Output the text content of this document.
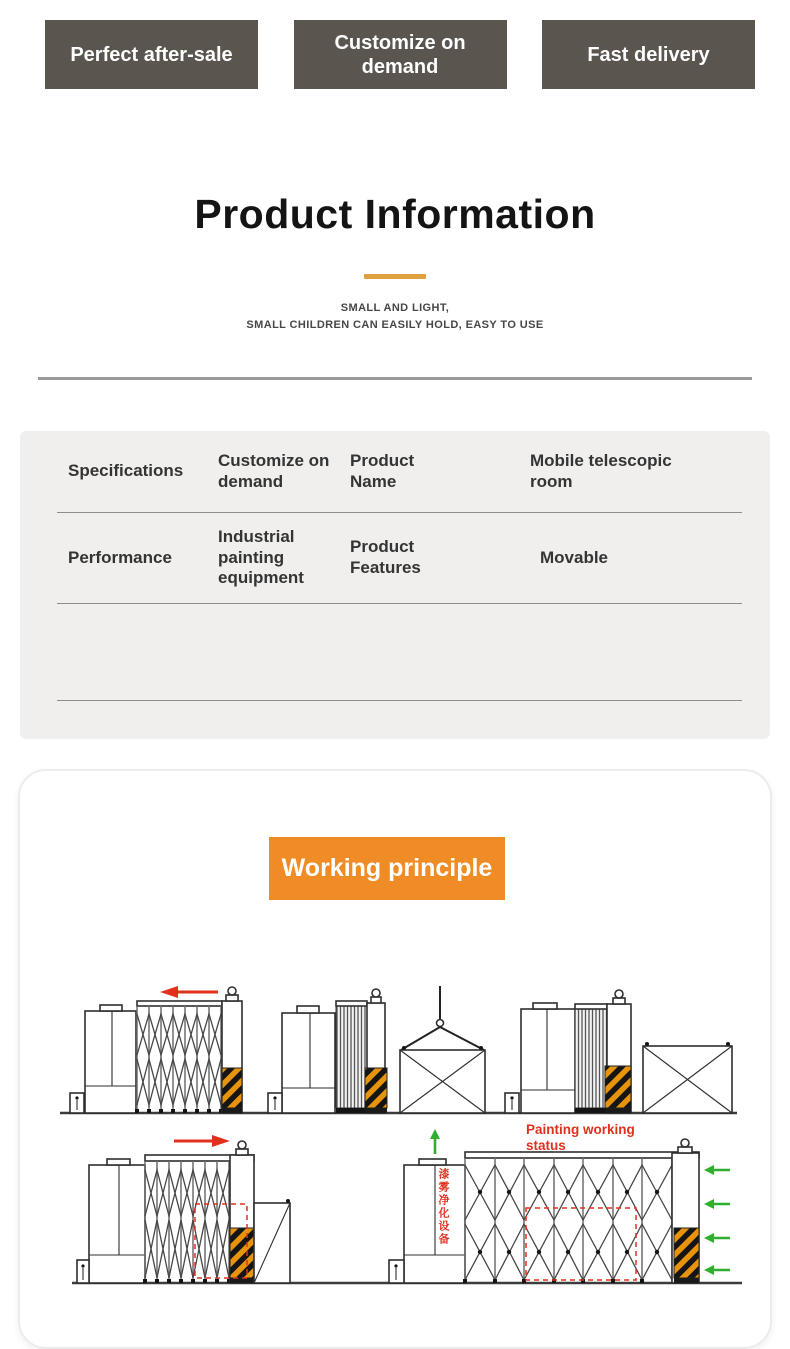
Perfect after-sale
Customize on demand
Fast delivery
Product Information
SMALL AND LIGHT,
SMALL CHILDREN CAN EASILY HOLD, EASY TO USE
Specifications
Customize on demand
Product Name
Mobile telescopic room
Performance
Industrial painting equipment
Product Features
Movable
Working principle
Painting working status
漆雾净化设备
